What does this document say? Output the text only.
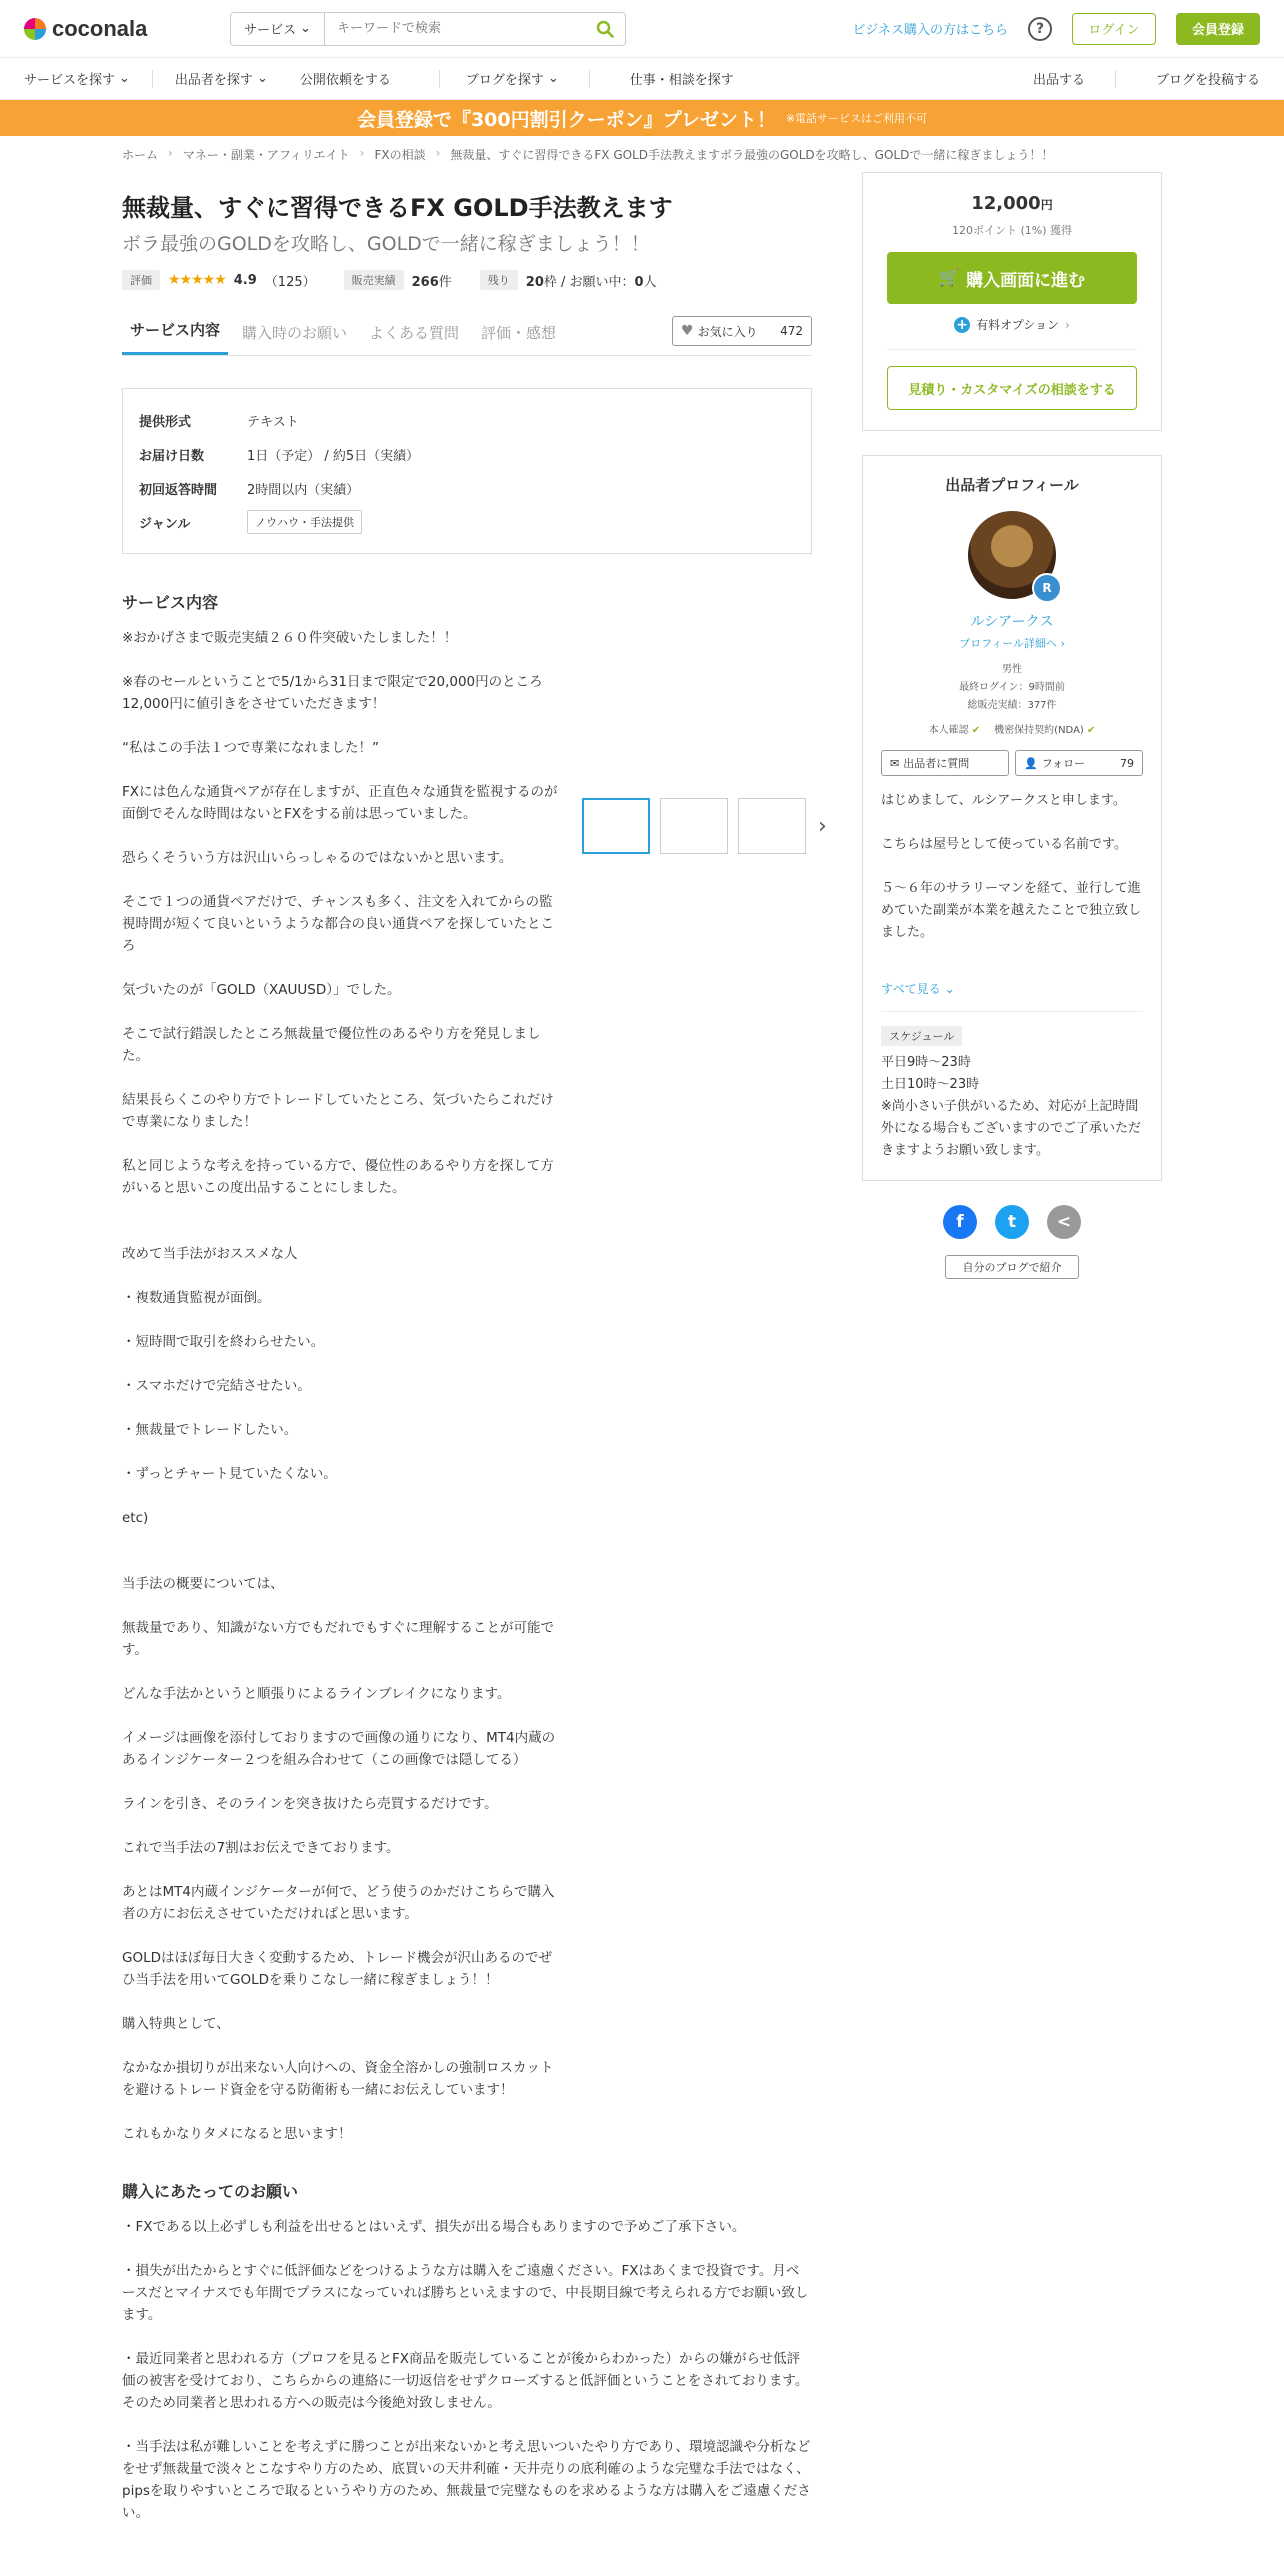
coconala	サービス ⌄
キーワードで検索	ビジネス購入の方はこちら	?	ログイン	会員登録
サービスを探す ⌄	出品者を探す ⌄ 公開依頼をする	ブログを探す ⌄	仕事・相談を探す	出品する	ブログを投稿する
会員登録で『300円割引クーポン』プレゼント！ ※電話サービスはご利用不可
ホーム › マネー・副業・アフィリエイト › FXの相談 › 無裁量、すぐに習得できるFX GOLD手法教えますボラ最強のGOLDを攻略し、GOLDで一緒に稼ぎましょう！！
無裁量、すぐに習得できるFX GOLD手法教えます
ボラ最強のGOLDを攻略し、GOLDで一緒に稼ぎましょう！！
評価	★★★★★ 4.9 （125）	販売実績	266件	残り	20枠 / お願い中：0人
サービス内容	購入時のお願い	よくある質問	評価・感想	♥ お気に入り 472
提供形式	テキスト
お届け日数	1日（予定） / 約5日（実績）
初回返答時間	2時間以内（実績）
ジャンル	ノウハウ・手法提供
サービス内容
※おかげさまで販売実績２６０件突破いたしました！！

※春のセールということで5/1から31日まで限定で20,000円のところ12,000円に値引きをさせていただきます！

“私はこの手法１つで専業になれました！”

FXには色んな通貨ペアが存在しますが、正直色々な通貨を監視するのが面倒でそんな時間はないとFXをする前は思っていました。

恐らくそういう方は沢山いらっしゃるのではないかと思います。

そこで１つの通貨ペアだけで、チャンスも多く、注文を入れてからの監視時間が短くて良いというような都合の良い通貨ペアを探していたところ

気づいたのが「GOLD（XAUUSD）」でした。

そこで試行錯誤したところ無裁量で優位性のあるやり方を発見しました。

結果長らくこのやり方でトレードしていたところ、気づいたらこれだけで専業になりました！

私と同じような考えを持っている方で、優位性のあるやり方を探して方がいると思いこの度出品することにしました。

改めて当手法がおススメな人

・複数通貨監視が面倒。

・短時間で取引を終わらせたい。

・スマホだけで完結させたい。

・無裁量でトレードしたい。

・ずっとチャート見ていたくない。

etc)

当手法の概要については、

無裁量であり、知識がない方でもだれでもすぐに理解することが可能です。

どんな手法かというと順張りによるラインブレイクになります。

イメージは画像を添付しておりますので画像の通りになり、MT4内蔵のあるインジケーター２つを組み合わせて（この画像では隠してる）

ラインを引き、そのラインを突き抜けたら売買するだけです。

これで当手法の7割はお伝えできております。

あとはMT4内蔵インジケーターが何で、どう使うのかだけこちらで購入者の方にお伝えさせていただければと思います。

GOLDはほぼ毎日大きく変動するため、トレード機会が沢山あるのでぜひ当手法を用いてGOLDを乗りこなし一緒に稼ぎましょう！！

購入特典として、

なかなか損切りが出来ない人向けへの、資金全溶かしの強制ロスカットを避けるトレード資金を守る防衛術も一緒にお伝えしています！

これもかなりタメになると思います！
購入にあたってのお願い
・FXである以上必ずしも利益を出せるとはいえず、損失が出る場合もありますので予めご了承下さい。

・損失が出たからとすぐに低評価などをつけるような方は購入をご遠慮ください。FXはあくまで投資です。月ベースだとマイナスでも年間でプラスになっていれば勝ちといえますので、中長期目線で考えられる方でお願い致します。

・最近同業者と思われる方（プロフを見るとFX商品を販売していることが後からわかった）からの嫌がらせ低評価の被害を受けており、こちらからの連絡に一切返信をせずクローズすると低評価ということをされております。そのため同業者と思われる方への販売は今後絶対致しません。

・当手法は私が難しいことを考えずに勝つことが出来ないかと考え思いついたやり方であり、環境認識や分析などをせず無裁量で淡々とこなすやり方のため、底買いの天井利確・天井売りの底利確のような完璧な手法ではなく、pipsを取りやすいところで取るというやり方のため、無裁量で完璧なものを求めるような方は購入をご遠慮ください。
›
12,000円
120ポイント (1%) 獲得
🛒 購入画面に進む
+ 有料オプション ›
見積り・カスタマイズの相談をする
出品者プロフィール
R
ルシアークス
プロフィール詳細へ ›
男性
最終ログイン：9時間前
総販売実績：377件
本人確認 ✔ 機密保持契約(NDA) ✔
✉ 出品者に質問	👤 フォロー	79
はじめまして、ルシアークスと申します。

こちらは屋号として使っている名前です。

５～６年のサラリーマンを経て、並行して進めていた副業が本業を越えたことで独立致しました。
すべて見る ⌄
スケジュール
平日9時～23時
土日10時～23時
※尚小さい子供がいるため、対応が上記時間外になる場合もございますのでご了承いただきますようお願い致します。
f	t	<
自分のブログで紹介
